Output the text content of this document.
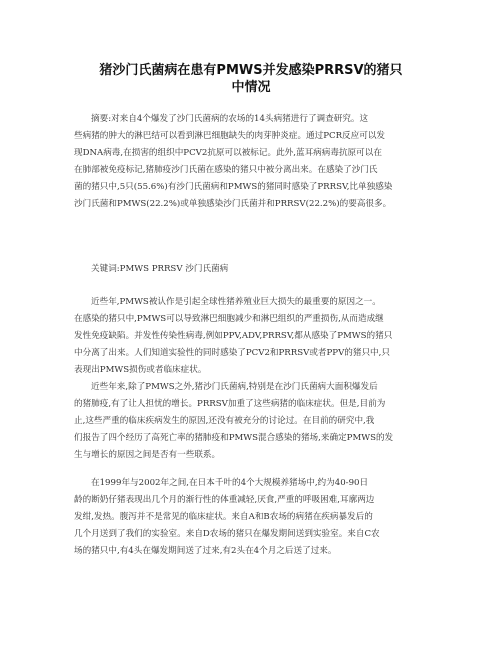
猪沙门氏菌病在患有PMWS并发感染PRRSV的猪只
中情况
摘要:对来自4个爆发了沙门氏菌病的农场的14头病猪进行了调查研究。这
些病猪的肿大的淋巴结可以看到淋巴细胞缺失的肉芽肿炎症。通过PCR反应可以发
现DNA病毒,在损害的组织中PCV2抗原可以被标记。此外,蓝耳病病毒抗原可以在
在肺部被免疫标记,猪肺疫沙门氏菌在感染的猪只中被分离出来。在感染了沙门氏
菌的猪只中,5只(55.6%)有沙门氏菌病和PMWS的猪同时感染了PRRSV,比单独感染
沙门氏菌和PMWS(22.2%)或单独感染沙门氏菌并和PRRSV(22.2%)的要高很多。
关键词:PMWS PRRSV 沙门氏菌病
近些年,PMWS被认作是引起全球性猪养殖业巨大损失的最重要的原因之一。
在感染的猪只中,PMWS可以导致淋巴细胞减少和淋巴组织的严重损伤,从而造成继
发性免疫缺陷。并发性传染性病毒,例如PPV,ADV,PRRSV,都从感染了PMWS的猪只
中分离了出来。人们知道实验性的同时感染了PCV2和PRRSV或者PPV的猪只中,只
表现出PMWS损伤或者临床症状。
近些年来,除了PMWS之外,猪沙门氏菌病,特别是在沙门氏菌病大面积爆发后
的猪肺疫,有了让人担忧的增长。PRRSV加重了这些病猪的临床症状。但是,目前为
止,这些严重的临床疾病发生的原因,还没有被充分的讨论过。在目前的研究中,我
们报告了四个经历了高死亡率的猪肺疫和PMWS混合感染的猪场,来确定PMWS的发
生与增长的原因之间是否有一些联系。
在1999年与2002年之间,在日本千叶的4个大规模养猪场中,约为40-90日
龄的断奶仔猪表现出几个月的渐行性的体重减轻,厌食,严重的呼吸困难,耳廓两边
发绀,发热。腹泻并不是常见的临床症状。来自A和B农场的病猪在疾病暴发后的
几个月送到了我们的实验室。来自D农场的猪只在爆发期间送到实验室。来自C农
场的猪只中,有4头在爆发期间送了过来,有2头在4个月之后送了过来。
